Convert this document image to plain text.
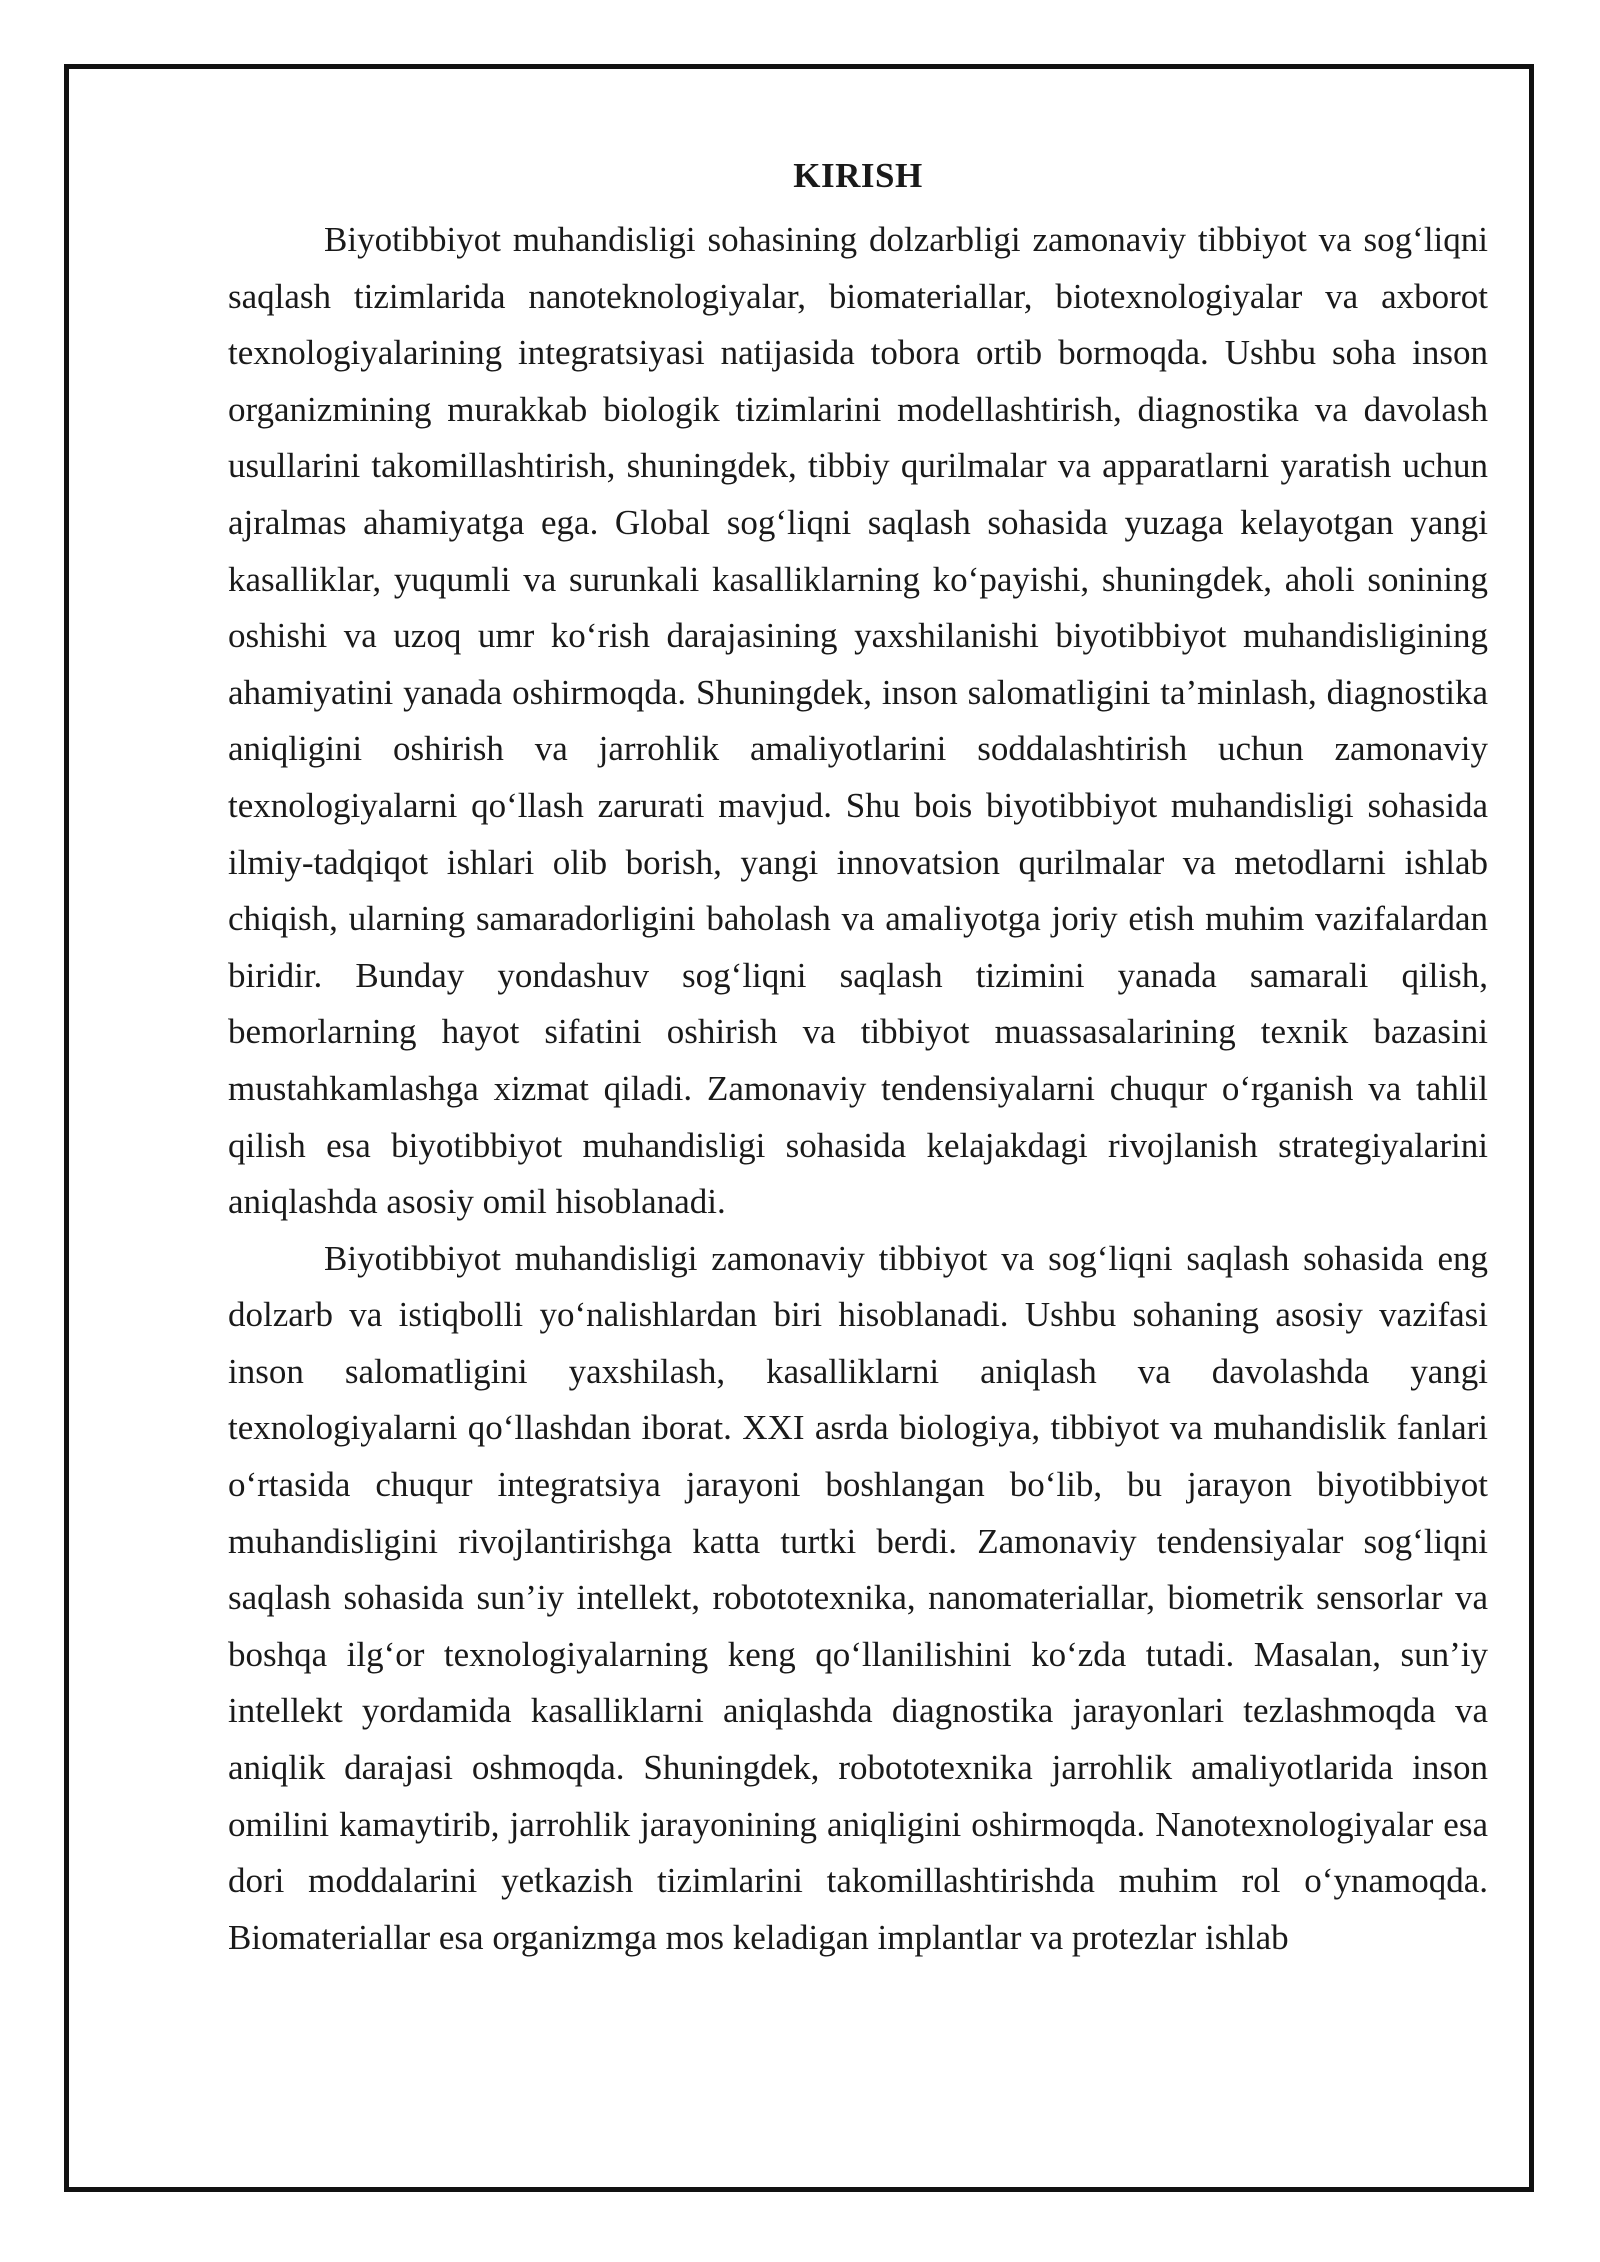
KIRISH

Biyotibbiyot muhandisligi sohasining dolzarbligi zamonaviy tibbiyot va sog‘liqni saqlash tizimlarida nanoteknologiyalar, biomateriallar, biotexnologiyalar va axborot texnologiyalarining integratsiyasi natijasida tobora ortib bormoqda. Ushbu soha inson organizmining murakkab biologik tizimlarini modellashtirish, diagnostika va davolash usullarini takomillashtirish, shuningdek, tibbiy qurilmalar va apparatlarni yaratish uchun ajralmas ahamiyatga ega. Global sog‘liqni saqlash sohasida yuzaga kelayotgan yangi kasalliklar, yuqumli va surunkali kasalliklarning ko‘payishi, shuningdek, aholi sonining oshishi va uzoq umr ko‘rish darajasining yaxshilanishi biyotibbiyot muhandisligining ahamiyatini yanada oshirmoqda. Shuningdek, inson salomatligini ta’minlash, diagnostika aniqligini oshirish va jarrohlik amaliyotlarini soddalashtirish uchun zamonaviy texnologiyalarni qo‘llash zarurati mavjud. Shu bois biyotibbiyot muhandisligi sohasida ilmiy-tadqiqot ishlari olib borish, yangi innovatsion qurilmalar va metodlarni ishlab chiqish, ularning samaradorligini baholash va amaliyotga joriy etish muhim vazifalardan biridir. Bunday yondashuv sog‘liqni saqlash tizimini yanada samarali qilish, bemorlarning hayot sifatini oshirish va tibbiyot muassasalarining texnik bazasini mustahkamlashga xizmat qiladi. Zamonaviy tendensiyalarni chuqur o‘rganish va tahlil qilish esa biyotibbiyot muhandisligi sohasida kelajakdagi rivojlanish strategiyalarini aniqlashda asosiy omil hisoblanadi.

Biyotibbiyot muhandisligi zamonaviy tibbiyot va sog‘liqni saqlash sohasida eng dolzarb va istiqbolli yo‘nalishlardan biri hisoblanadi. Ushbu sohaning asosiy vazifasi inson salomatligini yaxshilash, kasalliklarni aniqlash va davolashda yangi texnologiyalarni qo‘llashdan iborat. XXI asrda biologiya, tibbiyot va muhandislik fanlari o‘rtasida chuqur integratsiya jarayoni boshlangan bo‘lib, bu jarayon biyotibbiyot muhandisligini rivojlantirishga katta turtki berdi. Zamonaviy tendensiyalar sog‘liqni saqlash sohasida sun’iy intellekt, robototexnika, nanomateriallar, biometrik sensorlar va boshqa ilg‘or texnologiyalarning keng qo‘llanilishini ko‘zda tutadi. Masalan, sun’iy intellekt yordamida kasalliklarni aniqlashda diagnostika jarayonlari tezlashmoqda va aniqlik darajasi oshmoqda. Shuningdek, robototexnika jarrohlik amaliyotlarida inson omilini kamaytirib, jarrohlik jarayonining aniqligini oshirmoqda. Nanotexnologiyalar esa dori moddalarini yetkazish tizimlarini takomillashtirishda muhim rol o‘ynamoqda. Biomateriallar esa organizmga mos keladigan implantlar va protezlar ishlab
